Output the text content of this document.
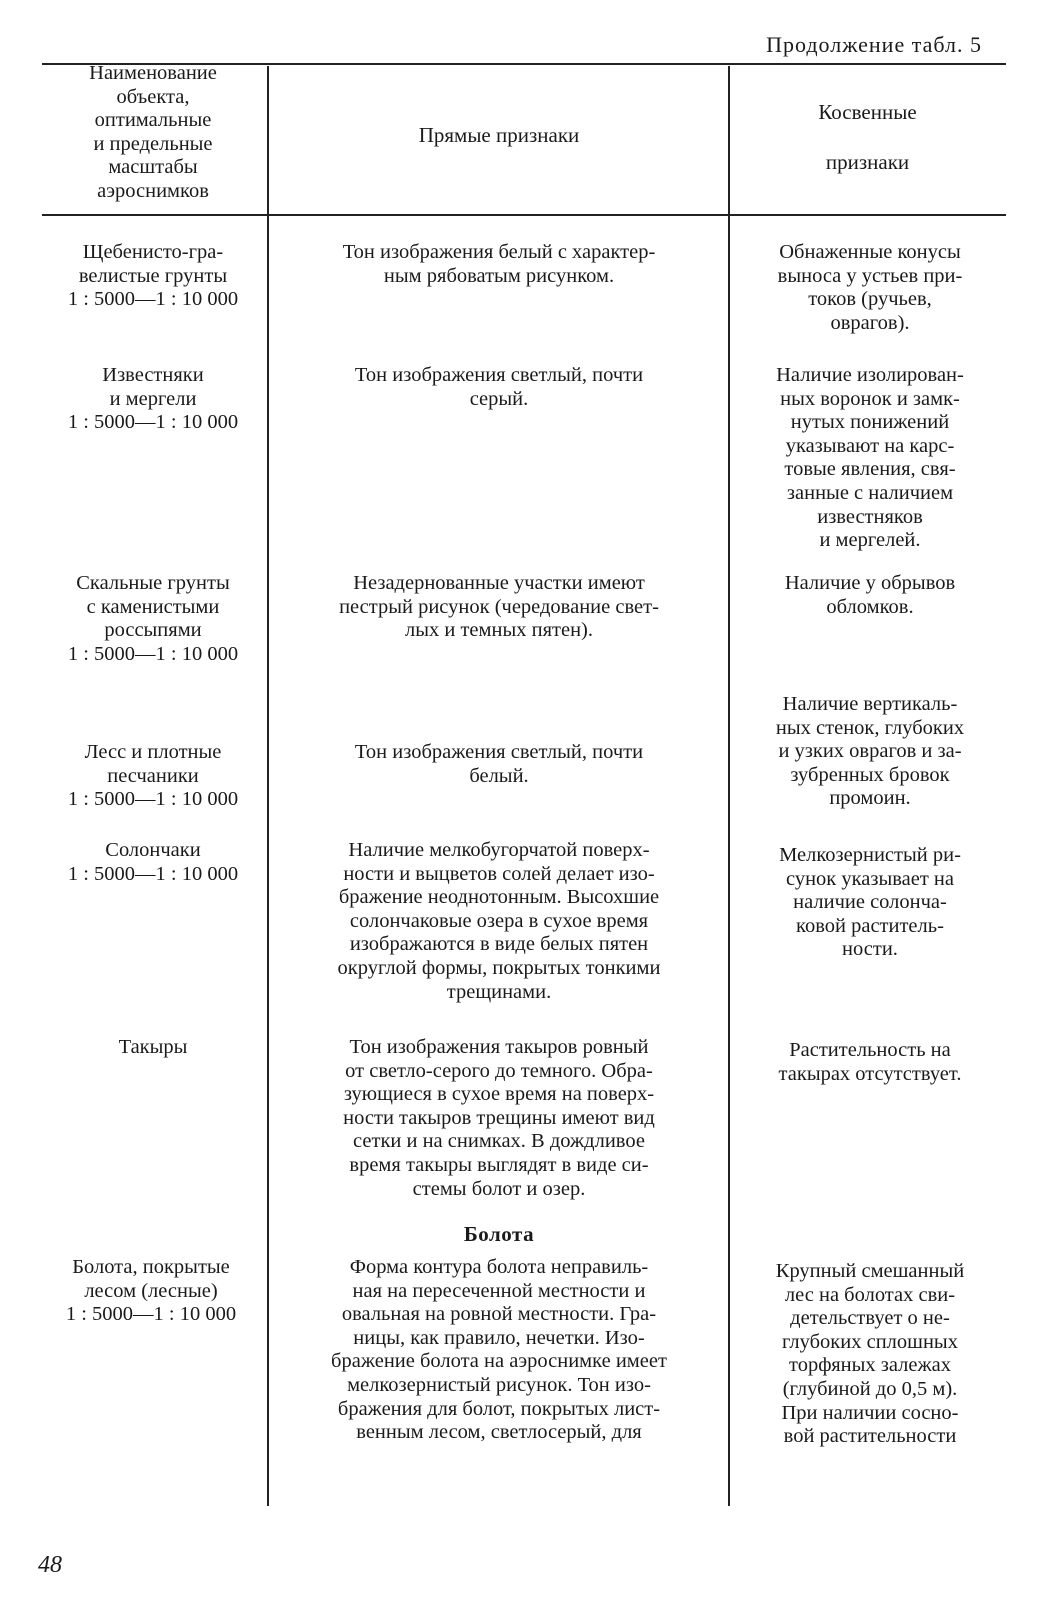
Продолжение табл. 5
Наименование
объекта,
оптимальные
и предельные
масштабы
аэроснимков
Прямые признаки
Косвенные
признаки
Щебенисто-гра-
велистые грунты
1 : 5000—1 : 10 000
Тон изображения белый с характер-
ным рябоватым рисунком.
Обнаженные конусы
выноса у устьев при-
токов (ручьев,
оврагов).
Известняки
и мергели
1 : 5000—1 : 10 000
Тон изображения светлый, почти
серый.
Наличие изолирован-
ных воронок и замк-
нутых понижений
указывают на карс-
товые явления, свя-
занные с наличием
известняков
и мергелей.
Скальные грунты
с каменистыми
россыпями
1 : 5000—1 : 10 000
Незадернованные участки имеют
пестрый рисунок (чередование свет-
лых и темных пятен).
Наличие у обрывов
обломков.
Лесс и плотные
песчаники
1 : 5000—1 : 10 000
Тон изображения светлый, почти
белый.
Наличие вертикаль-
ных стенок, глубоких
и узких оврагов и за-
зубренных бровок
промоин.
Солончаки
1 : 5000—1 : 10 000
Наличие мелкобугорчатой поверх-
ности и выцветов солей делает изо-
бражение неоднотонным. Высохшие
солончаковые озера в сухое время
изображаются в виде белых пятен
округлой формы, покрытых тонкими
трещинами.
Мелкозернистый ри-
сунок указывает на
наличие солонча-
ковой раститель-
ности.
Такыры	Тон изображения такыров ровный
от светло-серого до темного. Обра-
зующиеся в сухое время на поверх-
ности такыров трещины имеют вид
сетки и на снимках. В дождливое
время такыры выглядят в виде си-
стемы болот и озер.
Растительность на
такырах отсутствует.
Болота
Болота, покрытые
лесом (лесные)
1 : 5000—1 : 10 000
Форма контура болота неправиль-
ная на пересеченной местности и
овальная на ровной местности. Гра-
ницы, как правило, нечетки. Изо-
бражение болота на аэроснимке имеет
мелкозернистый рисунок. Тон изо-
бражения для болот, покрытых лист-
венным лесом, светлосерый, для
Крупный смешанный
лес на болотах сви-
детельствует о не-
глубоких сплошных
торфяных залежах
(глубиной до 0,5 м).
При наличии сосно-
вой растительности
48
